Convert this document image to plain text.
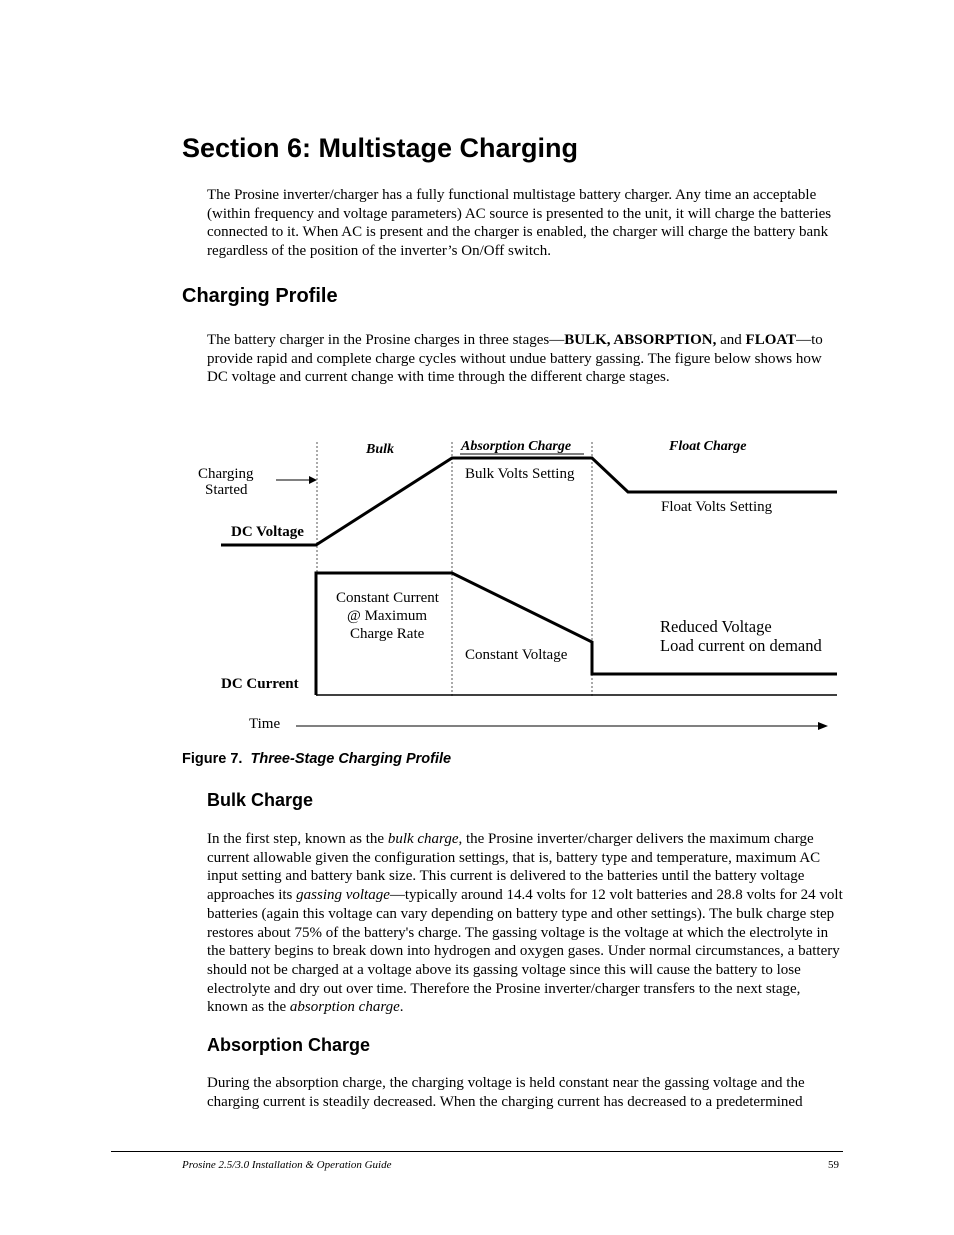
Section 6: Multistage Charging

The Prosine inverter/charger has a fully functional multistage battery charger. Any time an acceptable (within frequency and voltage parameters) AC source is presented to the unit, it will charge the batteries connected to it. When AC is present and the charger is enabled, the charger will charge the battery bank regardless of the position of the inverter’s On/Off switch.

Charging Profile

The battery charger in the Prosine charges in three stages—BULK, ABSORPTION, and FLOAT—to provide rapid and complete charge cycles without undue battery gassing. The figure below shows how DC voltage and current change with time through the different charge stages.

Bulk	Absorption Charge	Float Charge
Charging
Started
DC Voltage
Bulk Volts Setting
Float Volts Setting
DC Current
Constant Current
@ Maximum
Charge Rate
Constant Voltage
Reduced Voltage
Load current on demand
Time
Figure 7. Three-Stage Charging Profile
Bulk Charge

In the first step, known as the bulk charge, the Prosine inverter/charger delivers the maximum charge current allowable given the configuration settings, that is, battery type and temperature, maximum AC input setting and battery bank size. This current is delivered to the batteries until the battery voltage approaches its gassing voltage—typically around 14.4 volts for 12 volt batteries and 28.8 volts for 24 volt batteries (again this voltage can vary depending on battery type and other settings). The bulk charge step restores about 75% of the battery's charge. The gassing voltage is the voltage at which the electrolyte in the battery begins to break down into hydrogen and oxygen gases. Under normal circumstances, a battery should not be charged at a voltage above its gassing voltage since this will cause the battery to lose electrolyte and dry out over time. Therefore the Prosine inverter/charger transfers to the next stage, known as the absorption charge.

Absorption Charge

During the absorption charge, the charging voltage is held constant near the gassing voltage and the charging current is steadily decreased. When the charging current has decreased to a predetermined

Prosine 2.5/3.0 Installation & Operation Guide	59
